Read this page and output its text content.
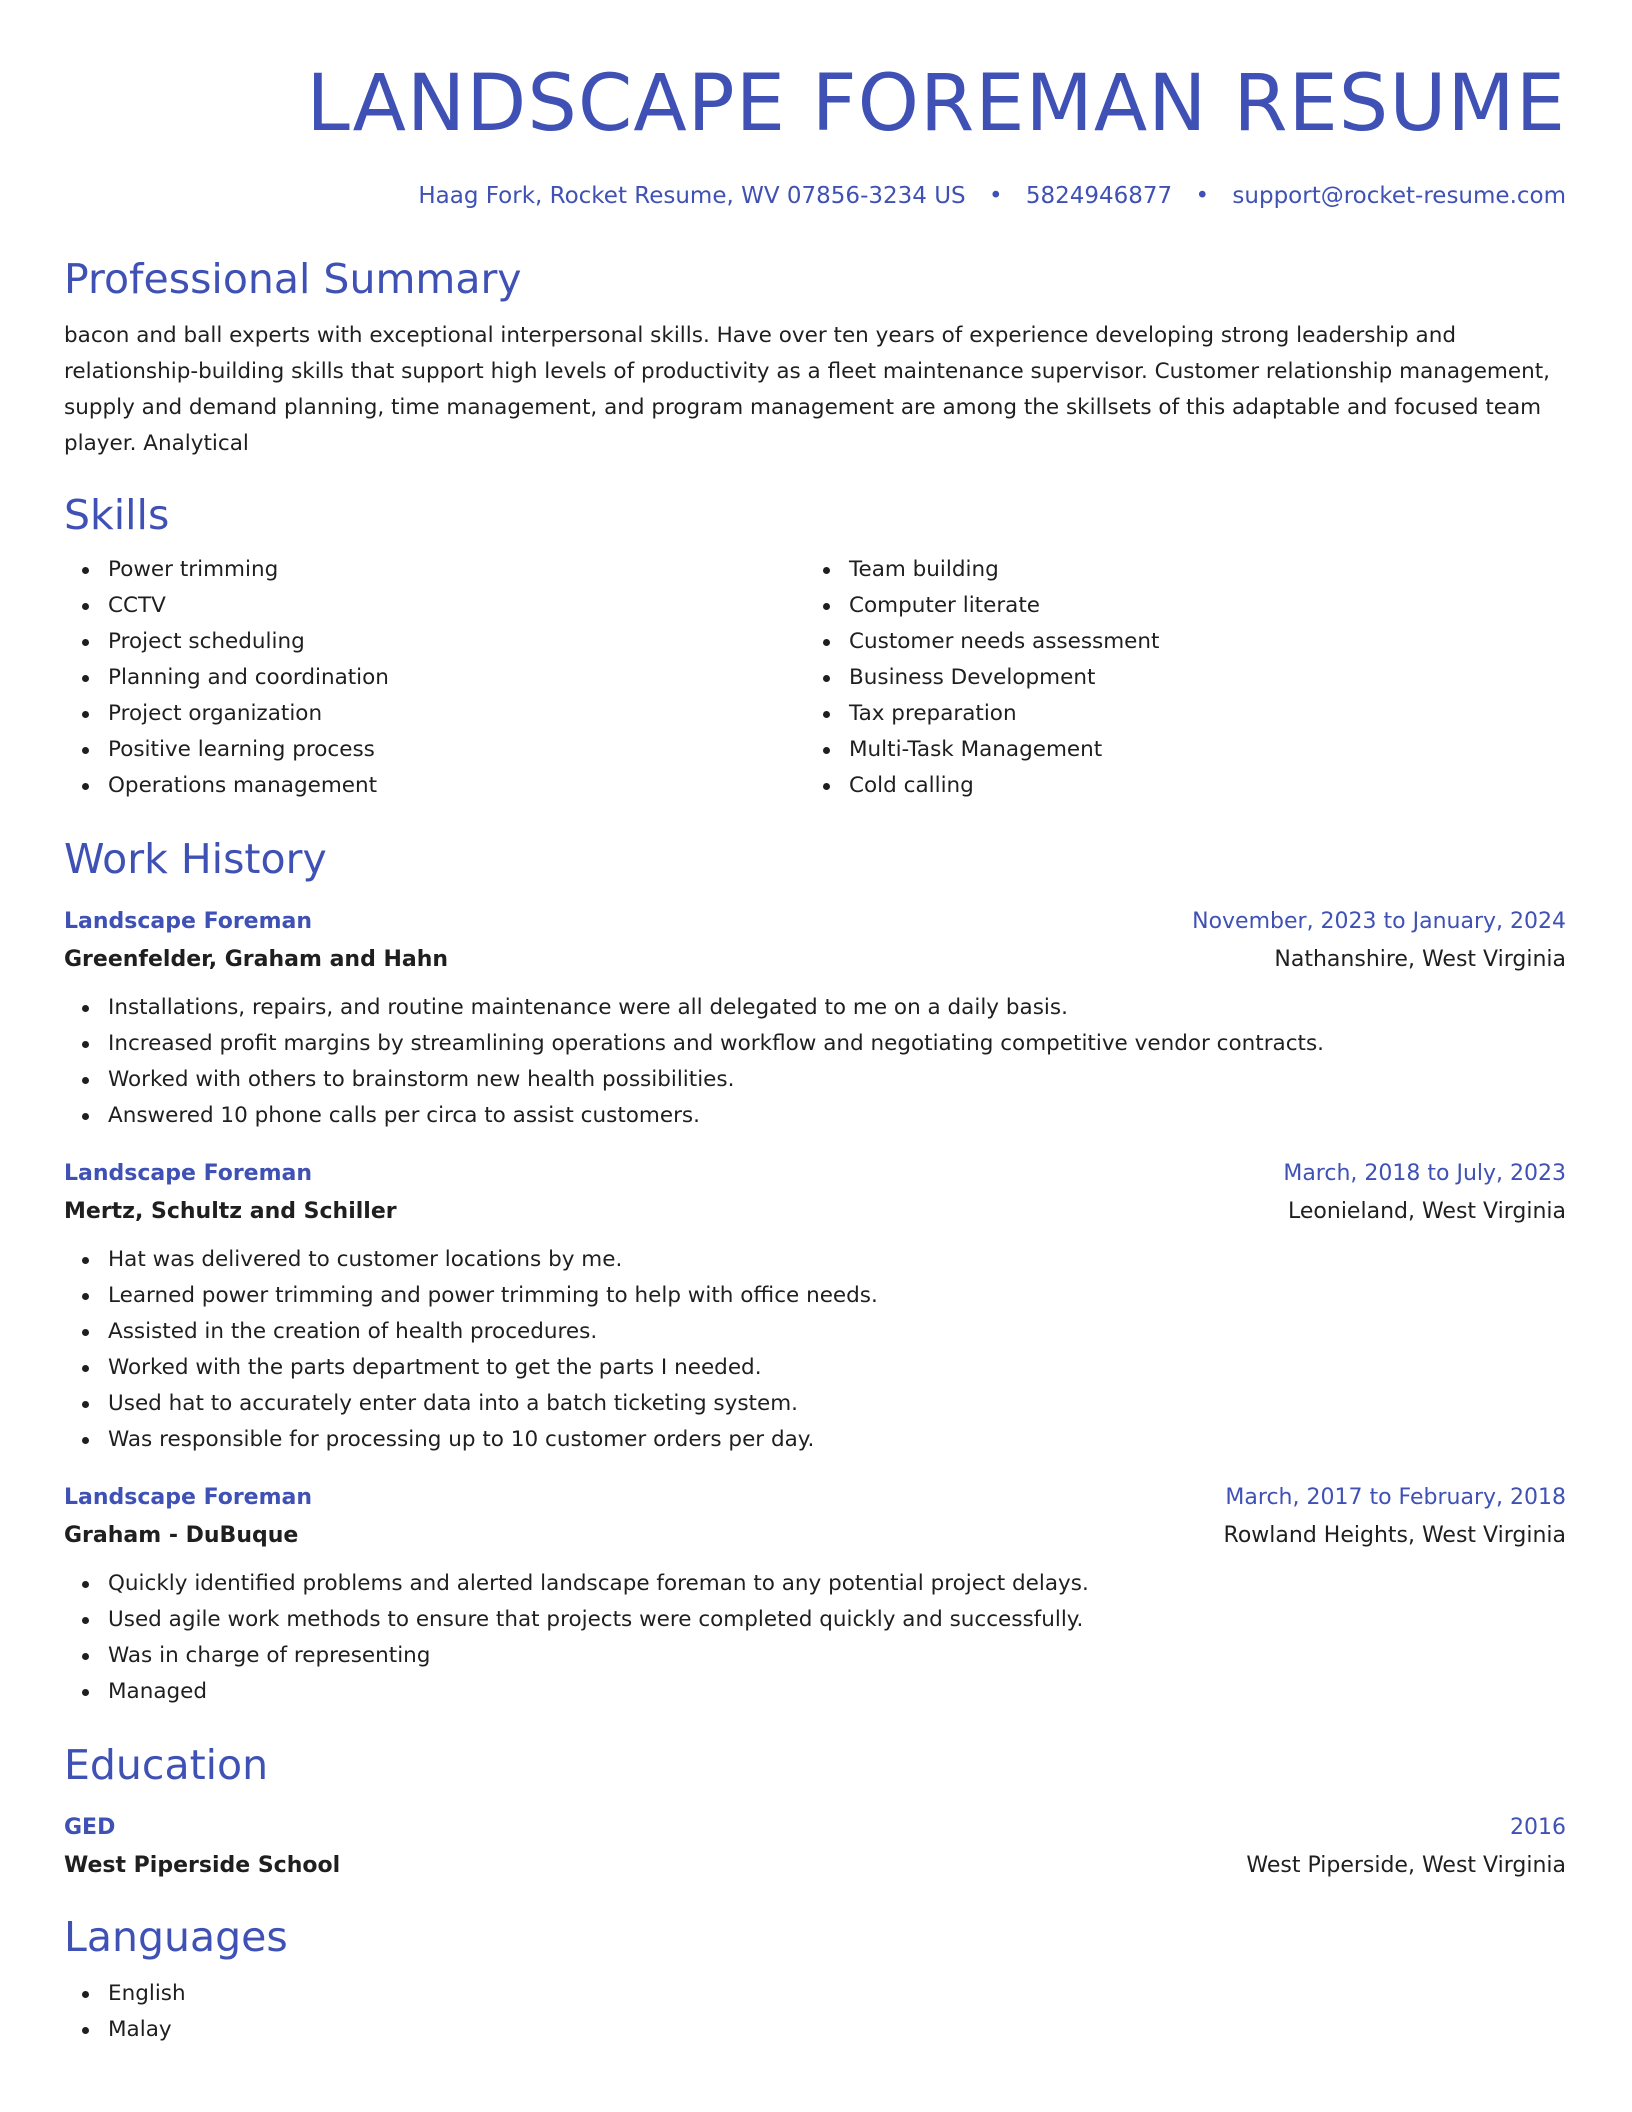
LANDSCAPE FOREMAN RESUME
Haag Fork, Rocket Resume, WV 07856-3234 US • 5824946877 • support@rocket-resume.com
Professional Summary
bacon and ball experts with exceptional interpersonal skills. Have over ten years of experience developing strong leadership and relationship-building skills that support high levels of productivity as a fleet maintenance supervisor. Customer relationship management, supply and demand planning, time management, and program management are among the skillsets of this adaptable and focused team player. Analytical
Skills
Power trimming
CCTV
Project scheduling
Planning and coordination
Project organization
Positive learning process
Operations management
Team building
Computer literate
Customer needs assessment
Business Development
Tax preparation
Multi-Task Management
Cold calling
Work History
Landscape Foreman	November, 2023 to January, 2024
Greenfelder, Graham and Hahn	Nathanshire, West Virginia
Installations, repairs, and routine maintenance were all delegated to me on a daily basis.
Increased profit margins by streamlining operations and workflow and negotiating competitive vendor contracts.
Worked with others to brainstorm new health possibilities.
Answered 10 phone calls per circa to assist customers.
Landscape Foreman	March, 2018 to July, 2023
Mertz, Schultz and Schiller	Leonieland, West Virginia
Hat was delivered to customer locations by me.
Learned power trimming and power trimming to help with office needs.
Assisted in the creation of health procedures.
Worked with the parts department to get the parts I needed.
Used hat to accurately enter data into a batch ticketing system.
Was responsible for processing up to 10 customer orders per day.
Landscape Foreman	March, 2017 to February, 2018
Graham - DuBuque	Rowland Heights, West Virginia
Quickly identified problems and alerted landscape foreman to any potential project delays.
Used agile work methods to ensure that projects were completed quickly and successfully.
Was in charge of representing
Managed
Education
GED	2016
West Piperside School	West Piperside, West Virginia
Languages
English
Malay
